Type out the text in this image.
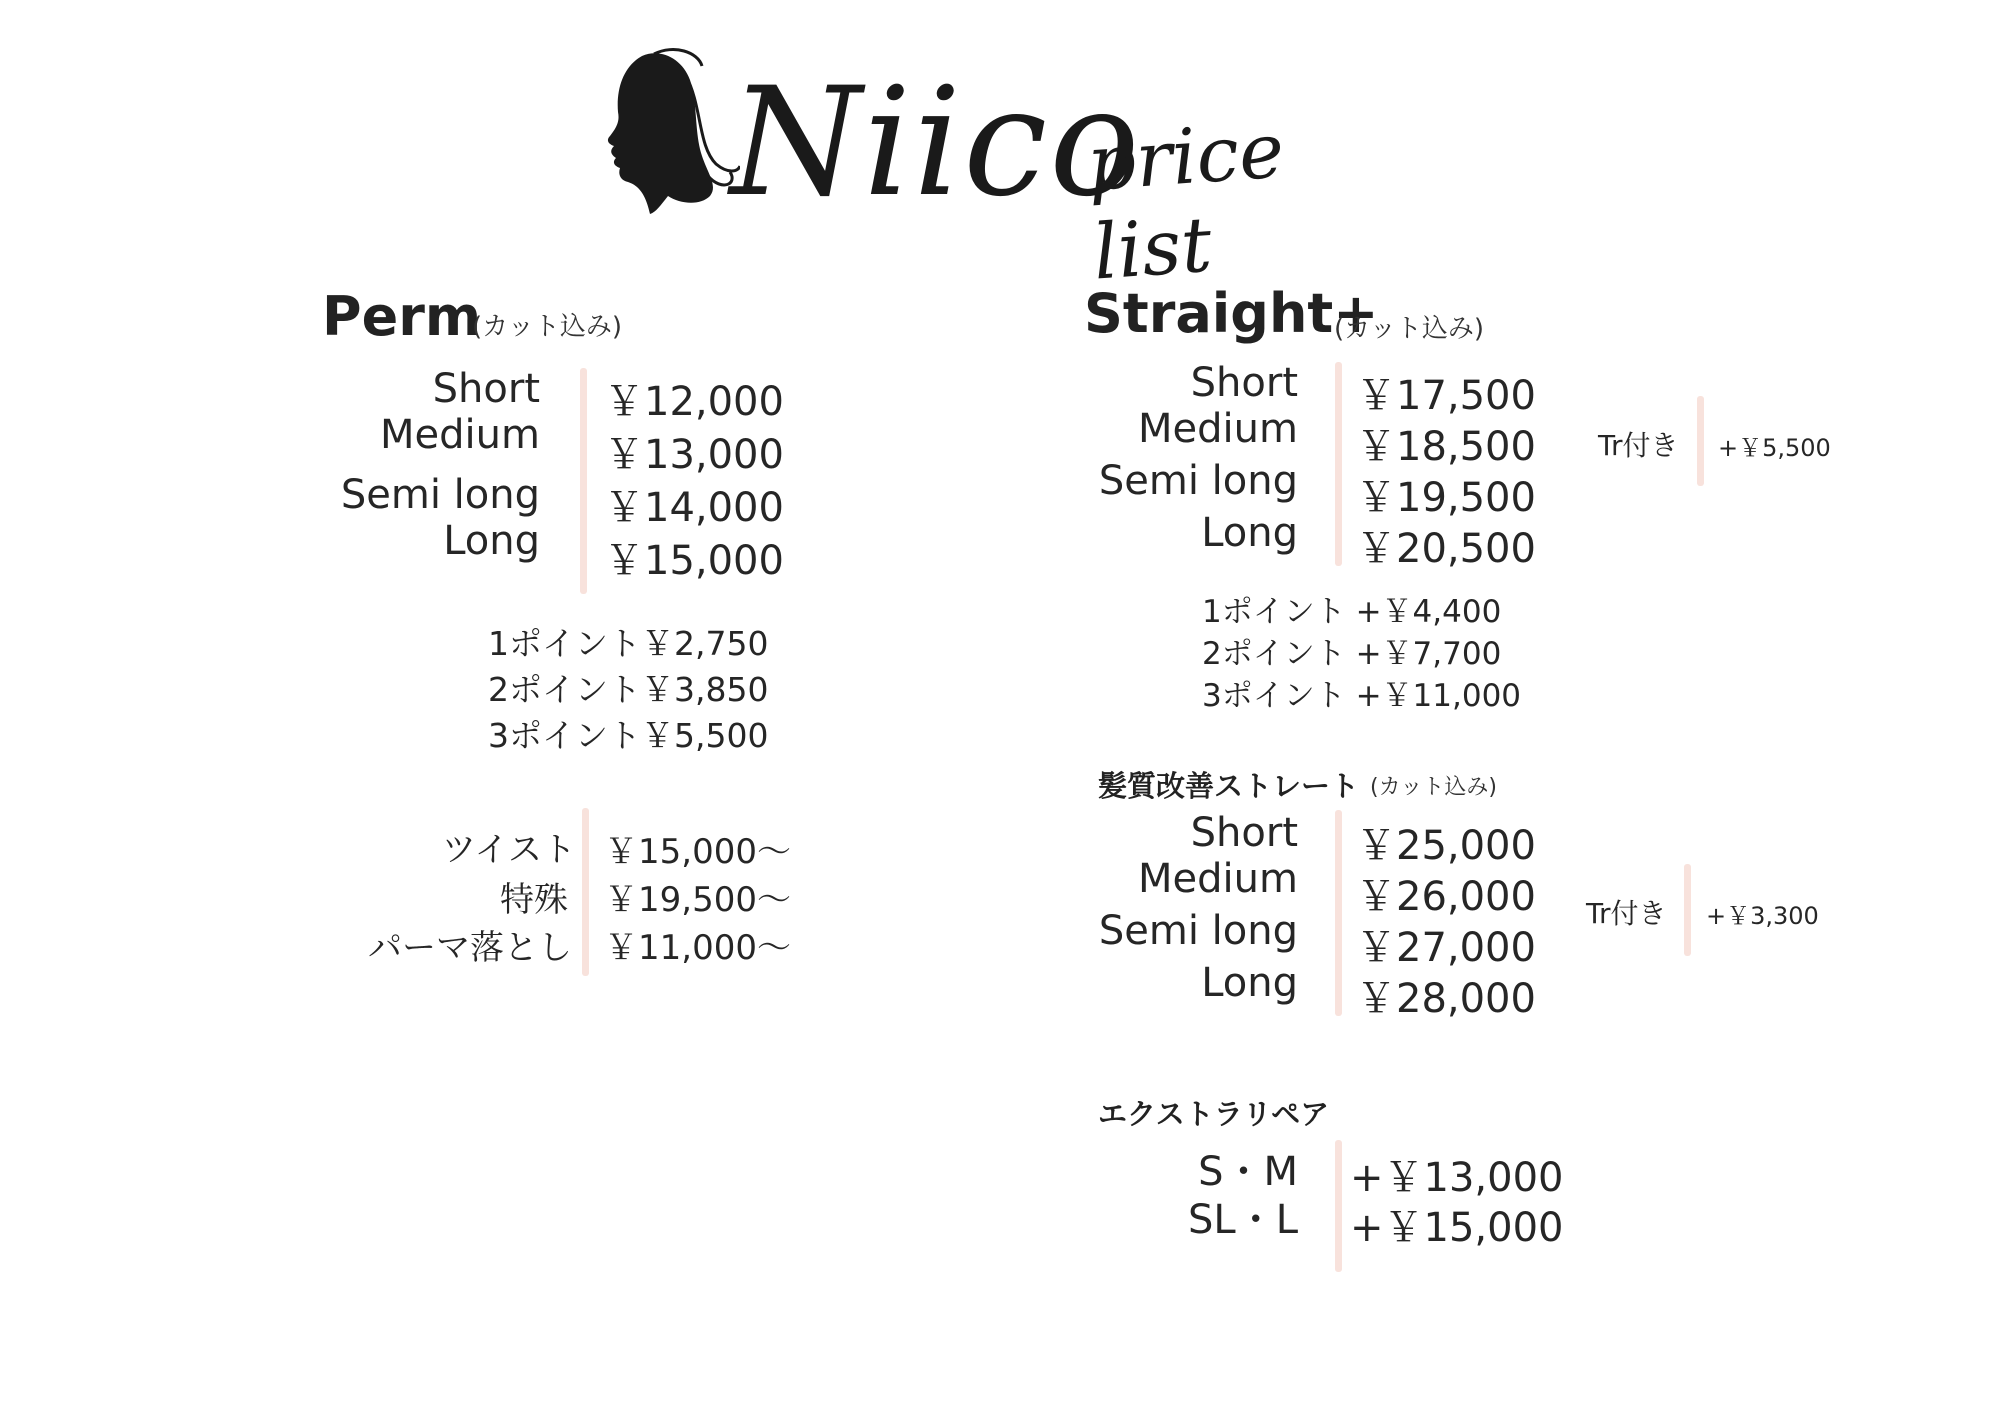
Niico
price list
Perm
(カット込み)
Short
Medium
Semi long
Long
￥12,000
￥13,000
￥14,000
￥15,000
1ポイント￥2,750
2ポイント￥3,850
3ポイント￥5,500
ツイスト
特殊
パーマ落とし
￥15,000〜
￥19,500〜
￥11,000〜
Straight+
(カット込み)
Short
Medium
Semi long
Long
￥17,500
￥18,500
￥19,500
￥20,500
Tr付き +￥5,500
1ポイント +￥4,400
2ポイント +￥7,700
3ポイント +￥11,000
髪質改善ストレート (カット込み)
Short
Medium
Semi long
Long
￥25,000
￥26,000
￥27,000
￥28,000
Tr付き +￥3,300
エクストラリペア
S・M
SL・L
+￥13,000
+￥15,000
